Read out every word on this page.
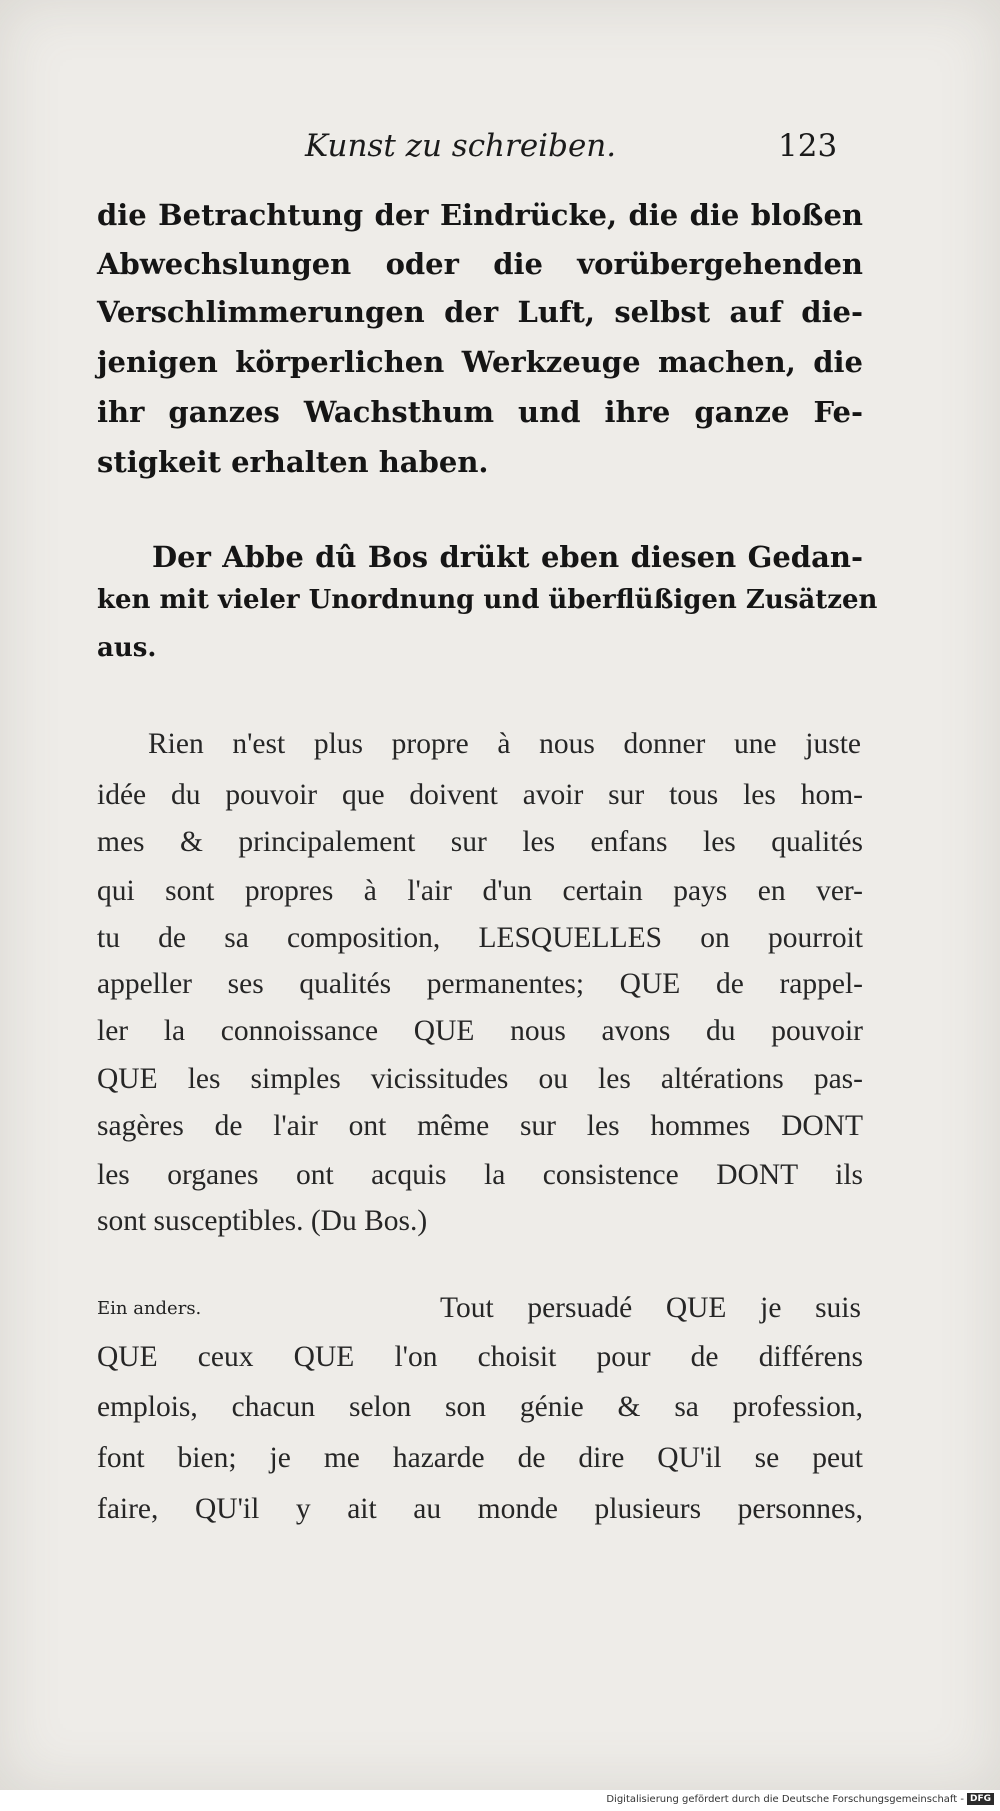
Kunst zu schreiben.	123
die Betrachtung der Eindrücke, die die bloßen
Abwechslungen oder die vorübergehenden
Verschlimmerungen der Luft, selbst auf die-
jenigen körperlichen Werkzeuge machen, die
ihr ganzes Wachsthum und ihre ganze Fe-
stigkeit erhalten haben.
Der Abbe dû Bos drükt eben diesen Gedan-
ken mit vieler Unordnung und überflüßigen Zusätzen
aus.
Rien n'est plus propre à nous donner une juste
idée du pouvoir que doivent avoir sur tous les hom-
mes & principalement sur les enfans les qualités
qui sont propres à l'air d'un certain pays en ver-
tu de sa composition, LESQUELLES on pourroit
appeller ses qualités permanentes; QUE de rappel-
ler la connoissance QUE nous avons du pouvoir
QUE les simples vicissitudes ou les altérations pas-
sagères de l'air ont même sur les hommes DONT
les organes ont acquis la consistence DONT ils
sont susceptibles. (Du Bos.)
Ein anders.	Tout persuadé QUE je suis
QUE ceux QUE l'on choisit pour de différens
emplois, chacun selon son génie & sa profession,
font bien; je me hazarde de dire QU'il se peut
faire, QU'il y ait au monde plusieurs personnes,
Digitalisierung gefördert durch die Deutsche Forschungsgemeinschaft - DFG
